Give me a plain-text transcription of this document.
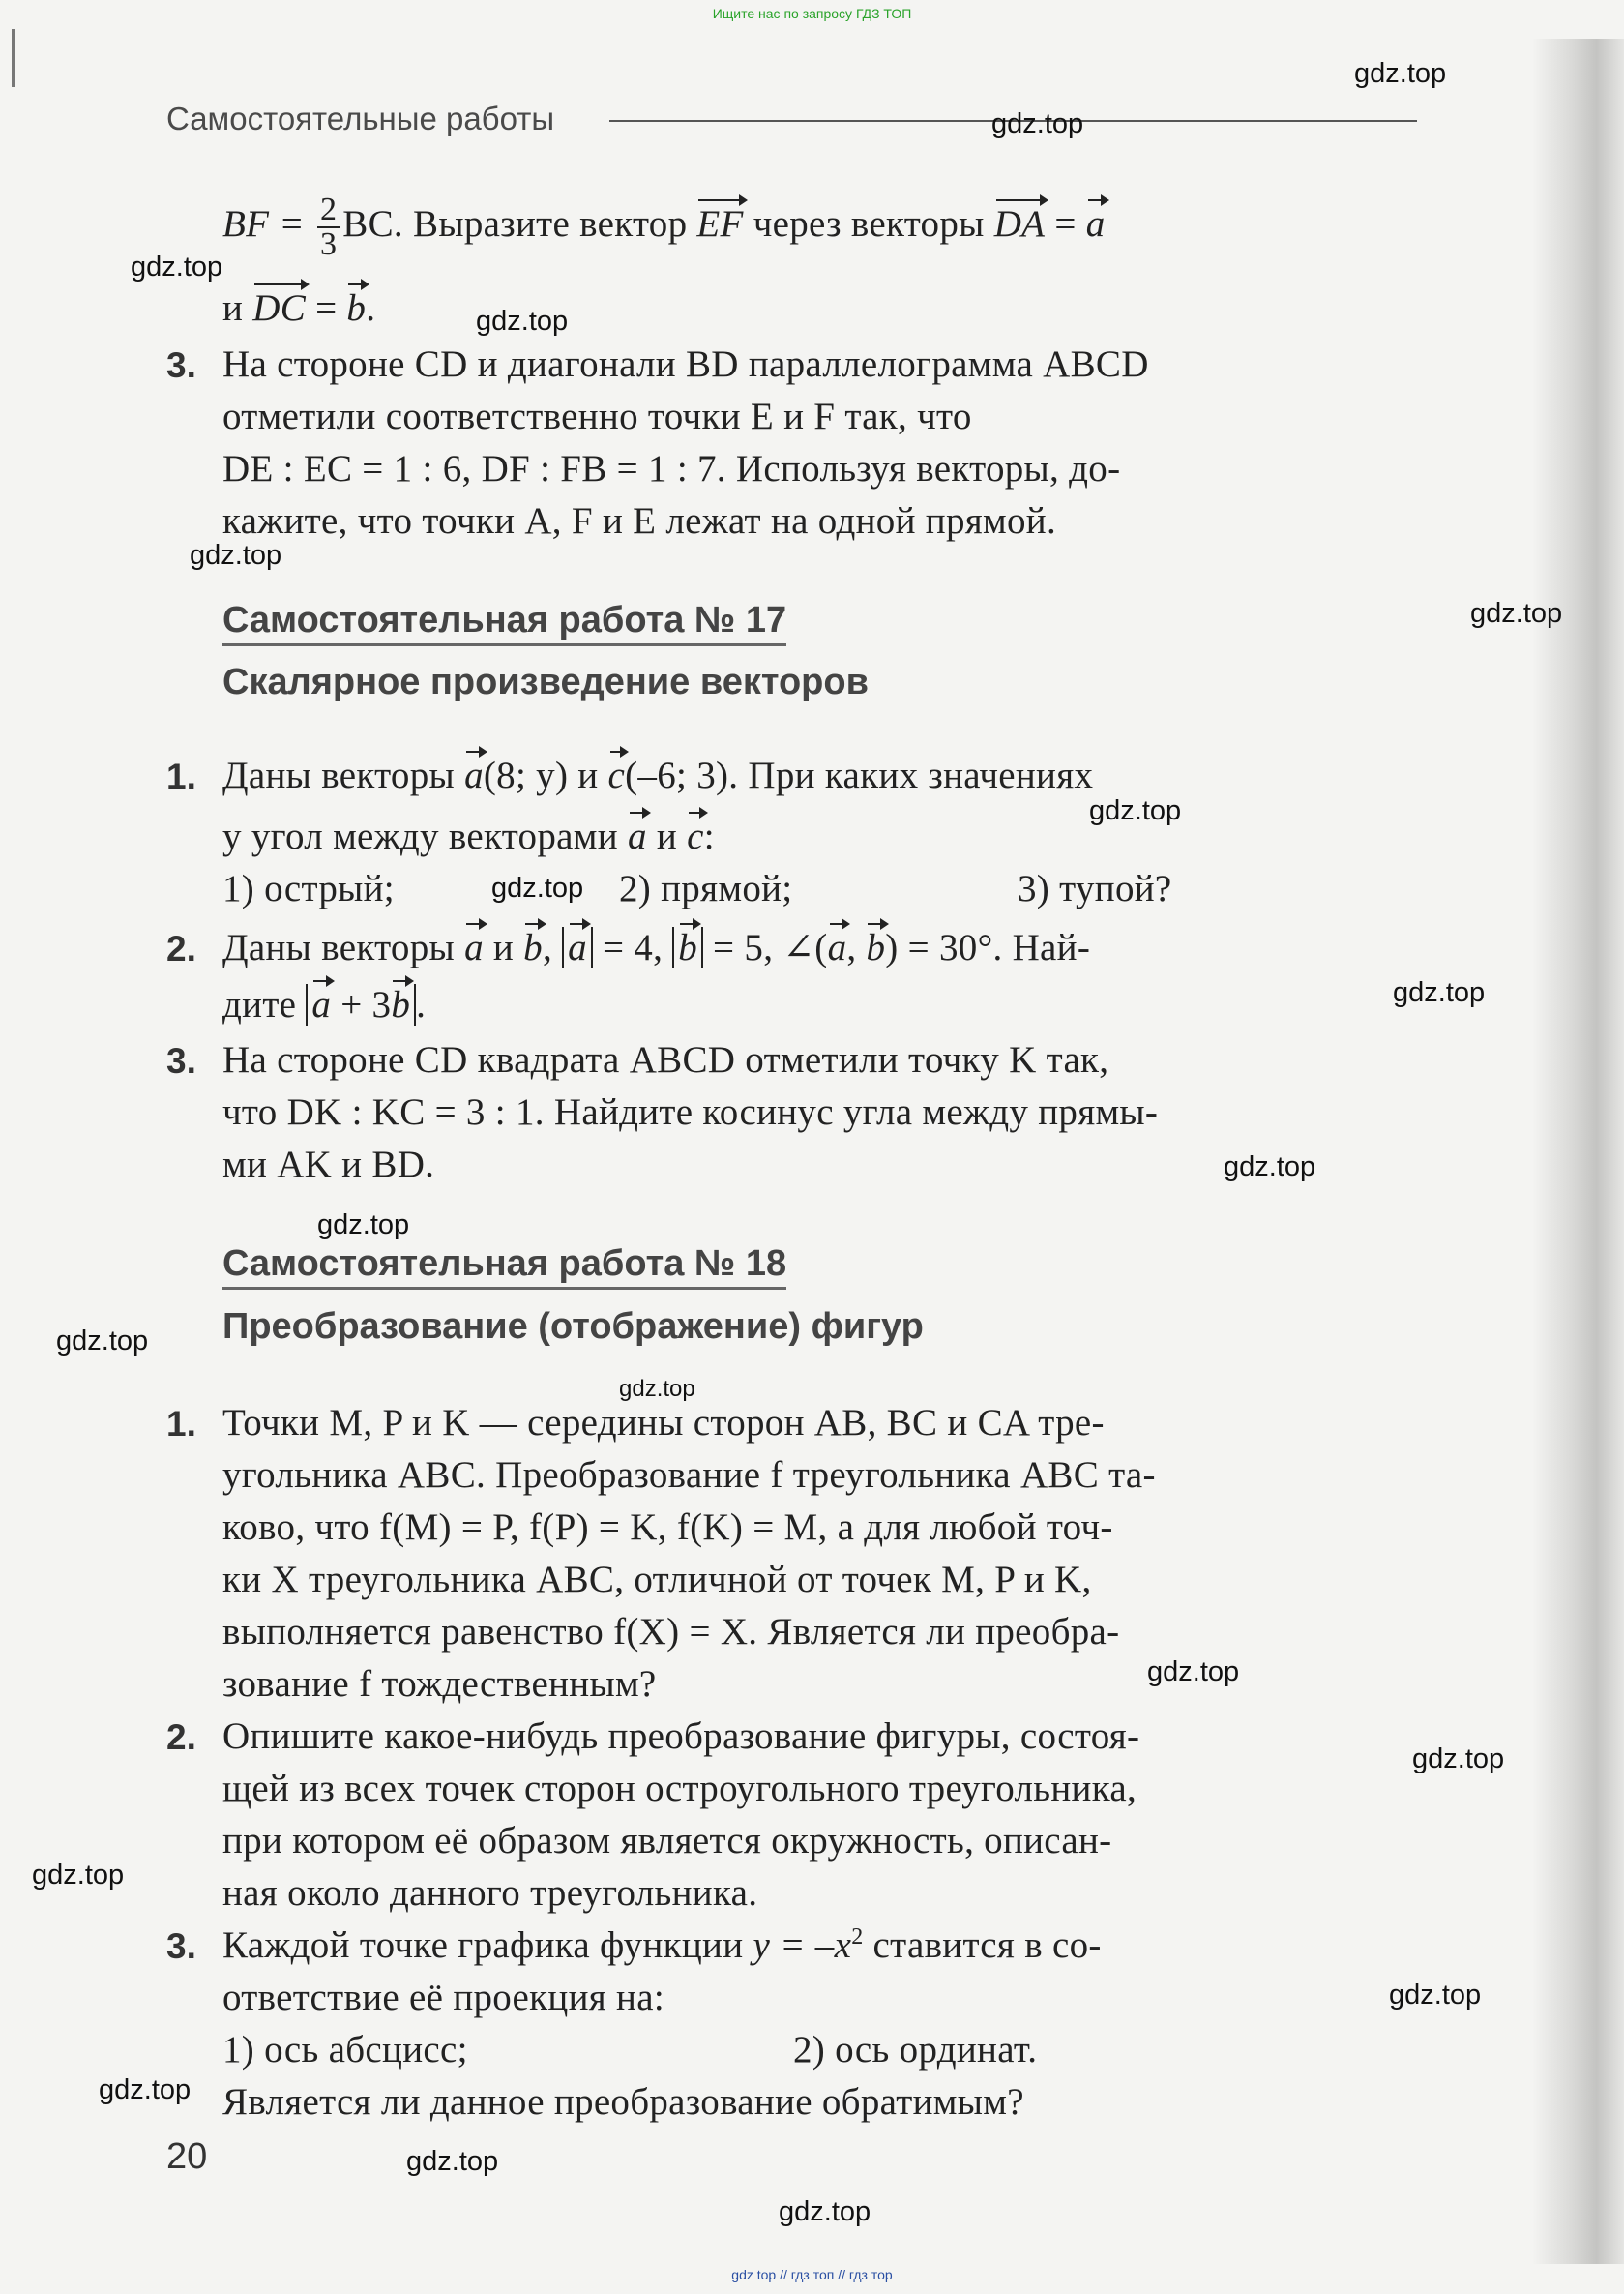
Ищите нас по запросу ГДЗ ТОП
Самостоятельные работы
BF = $\frac{2}{3}$ BC. Выразите вектор EF через векторы DA = a
и DC = b.
3. На стороне CD и диагонали BD параллелограмма ABCD
отметили соответственно точки E и F так, что
DE : EC = 1 : 6, DF : FB = 1 : 7. Используя векторы, до-
кажите, что точки A, F и E лежат на одной прямой.
Самостоятельная работа № 17
Скалярное произведение векторов
1. Даны векторы a(8; y) и c(–6; 3). При каких значениях
y угол между векторами a и c:
1) острый;	2) прямой;	3) тупой?
2. Даны векторы a и b, a = 4, b = 5, ∠(a, b) = 30°. Най-
дите a + 3b .
3. На стороне CD квадрата ABCD отметили точку K так,
что DK : KC = 3 : 1. Найдите косинус угла между прямы-
ми AK и BD.
Самостоятельная работа № 18
Преобразование (отображение) фигур
1. Точки M, P и K — середины сторон AB, BC и CA тре-
угольника ABC. Преобразование f треугольника ABC та-
ково, что f(M) = P, f(P) = K, f(K) = M, а для любой точ-
ки X треугольника ABC, отличной от точек M, P и K,
выполняется равенство f(X) = X. Является ли преобра-
зование f тождественным?
2. Опишите какое-нибудь преобразование фигуры, состоя-
щей из всех точек сторон остроугольного треугольника,
при котором её образом является окружность, описан-
ная около данного треугольника.
3. Каждой точке графика функции $y = -x^2$ ставится в со-
ответствие её проекция на:
1) ось абсцисс;	2) ось ординат.
Является ли данное преобразование обратимым?
20
gdz.top
gdz.top
gdz.top
gdz.top
gdz.top
gdz.top
gdz.top
gdz.top
gdz.top
gdz.top
gdz.top
gdz.top
gdz.top
gdz.top
gdz.top
gdz.top
gdz.top
gdz.top
gdz.top
gdz.top
gdz top // гдз топ // гдз тор
